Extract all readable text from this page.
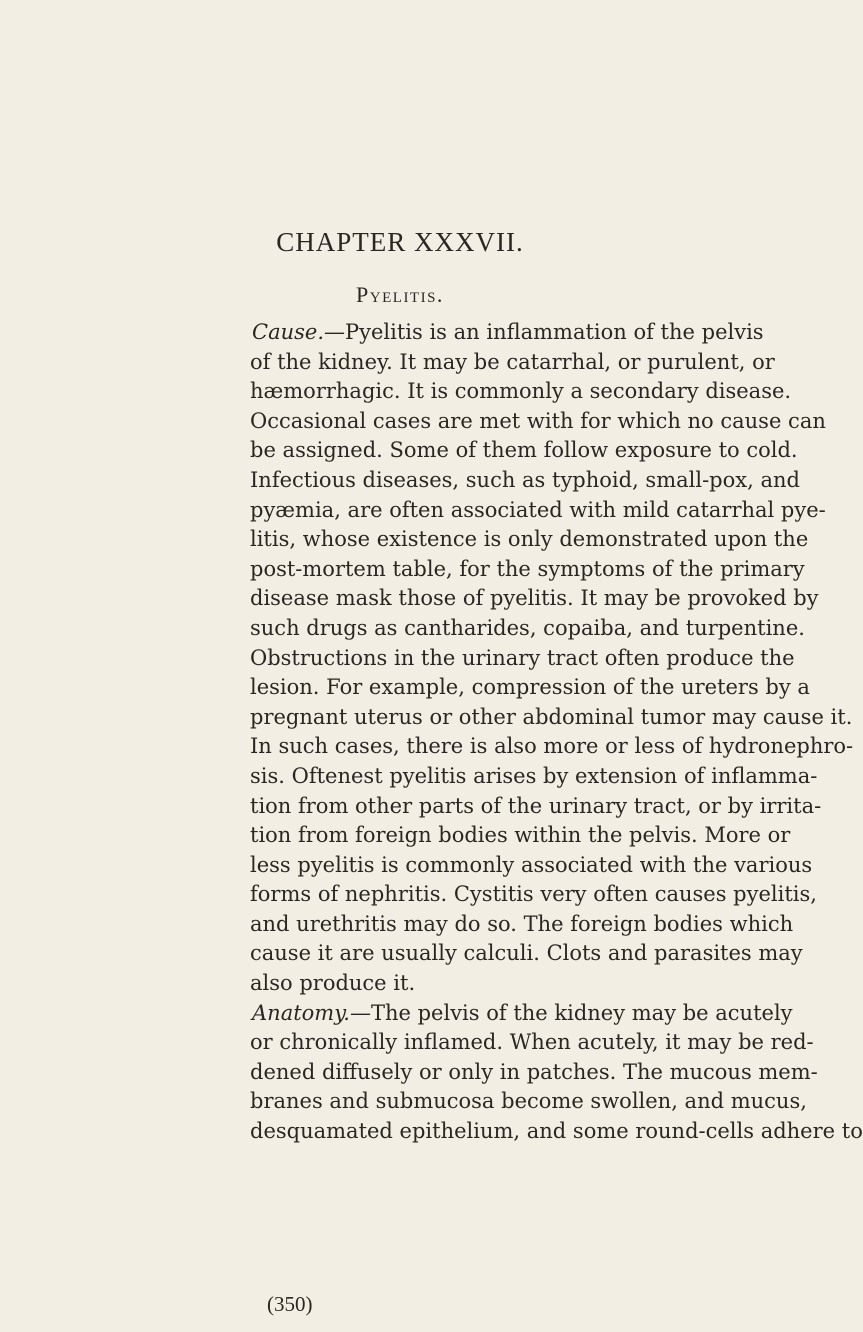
CHAPTER XXXVII.
Pyelitis.
Cause.—Pyelitis is an inflammation of the pelvis
of the kidney. It may be catarrhal, or purulent, or
hæmorrhagic. It is commonly a secondary disease.
Occasional cases are met with for which no cause can
be assigned. Some of them follow exposure to cold.
Infectious diseases, such as typhoid, small-pox, and
pyæmia, are often associated with mild catarrhal pye-
litis, whose existence is only demonstrated upon the
post-mortem table, for the symptoms of the primary
disease mask those of pyelitis. It may be provoked by
such drugs as cantharides, copaiba, and turpentine.
Obstructions in the urinary tract often produce the
lesion. For example, compression of the ureters by a
pregnant uterus or other abdominal tumor may cause it.
In such cases, there is also more or less of hydronephro-
sis. Oftenest pyelitis arises by extension of inflamma-
tion from other parts of the urinary tract, or by irrita-
tion from foreign bodies within the pelvis. More or
less pyelitis is commonly associated with the various
forms of nephritis. Cystitis very often causes pyelitis,
and urethritis may do so. The foreign bodies which
cause it are usually calculi. Clots and parasites may
also produce it.
Anatomy.—The pelvis of the kidney may be acutely
or chronically inflamed. When acutely, it may be red-
dened diffusely or only in patches. The mucous mem-
branes and submucosa become swollen, and mucus,
desquamated epithelium, and some round-cells adhere to
(350)
